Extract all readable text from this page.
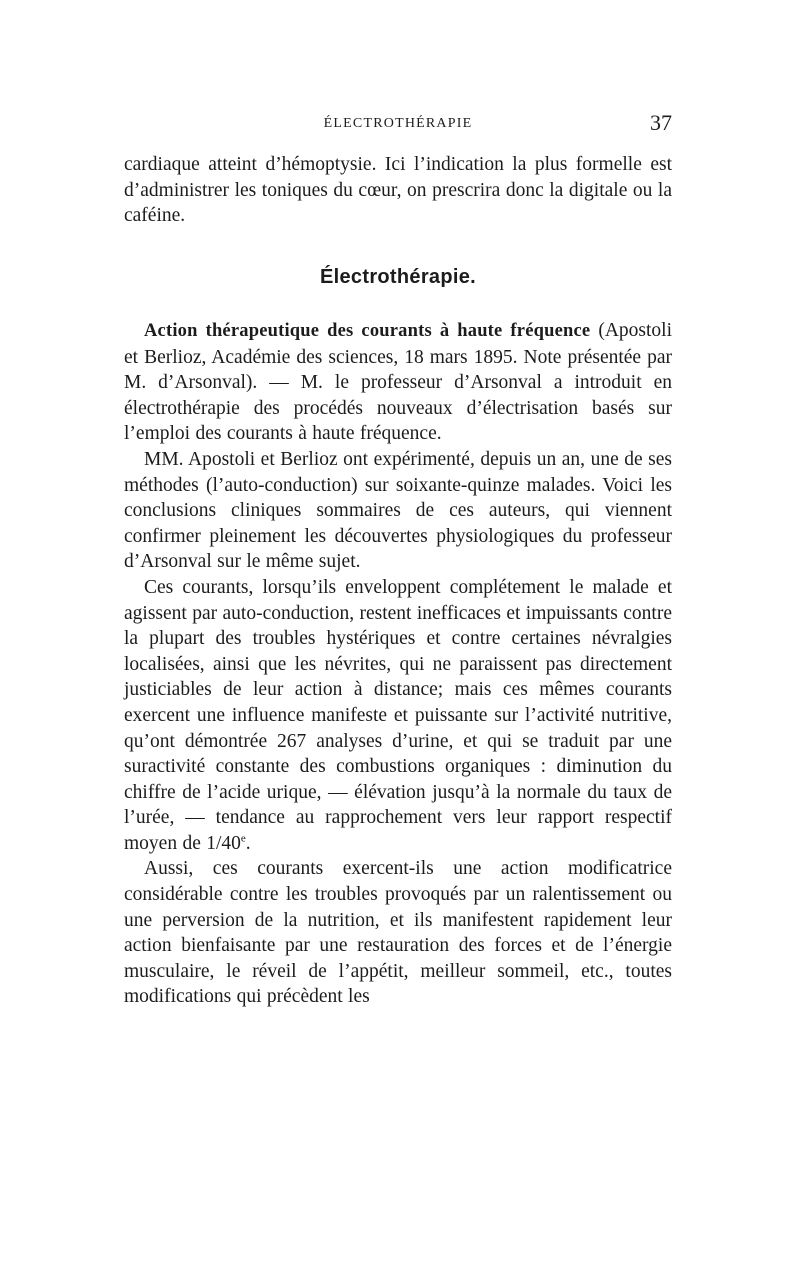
ÉLECTROTHÉRAPIE	37

cardiaque atteint d’hémoptysie. Ici l’indication la plus formelle est d’administrer les toniques du cœur, on prescrira donc la digitale ou la caféine.

Électrothérapie.

Action thérapeutique des courants à haute fréquence (Apostoli et Berlioz, Académie des sciences, 18 mars 1895. Note présentée par M. d’Arsonval). — M. le professeur d’Arsonval a introduit en électrothérapie des procédés nouveaux d’électrisation basés sur l’emploi des courants à haute fréquence.

MM. Apostoli et Berlioz ont expérimenté, depuis un an, une de ses méthodes (l’auto-conduction) sur soixante-quinze malades. Voici les conclusions cliniques sommaires de ces auteurs, qui viennent confirmer pleinement les découvertes physiologiques du professeur d’Arsonval sur le même sujet.

Ces courants, lorsqu’ils enveloppent complétement le malade et agissent par auto-conduction, restent inefficaces et impuissants contre la plupart des troubles hystériques et contre certaines névralgies localisées, ainsi que les névrites, qui ne paraissent pas directement justiciables de leur action à distance; mais ces mêmes courants exercent une influence manifeste et puissante sur l’activité nutritive, qu’ont démontrée 267 analyses d’urine, et qui se traduit par une suractivité constante des combustions organiques : diminution du chiffre de l’acide urique, — élévation jusqu’à la normale du taux de l’urée, — tendance au rapprochement vers leur rapport respectif moyen de 1/40e.

Aussi, ces courants exercent-ils une action modificatrice considérable contre les troubles provoqués par un ralentissement ou une perversion de la nutrition, et ils manifestent rapidement leur action bienfaisante par une restauration des forces et de l’énergie musculaire, le réveil de l’appétit, meilleur sommeil, etc., toutes modifications qui précèdent les
